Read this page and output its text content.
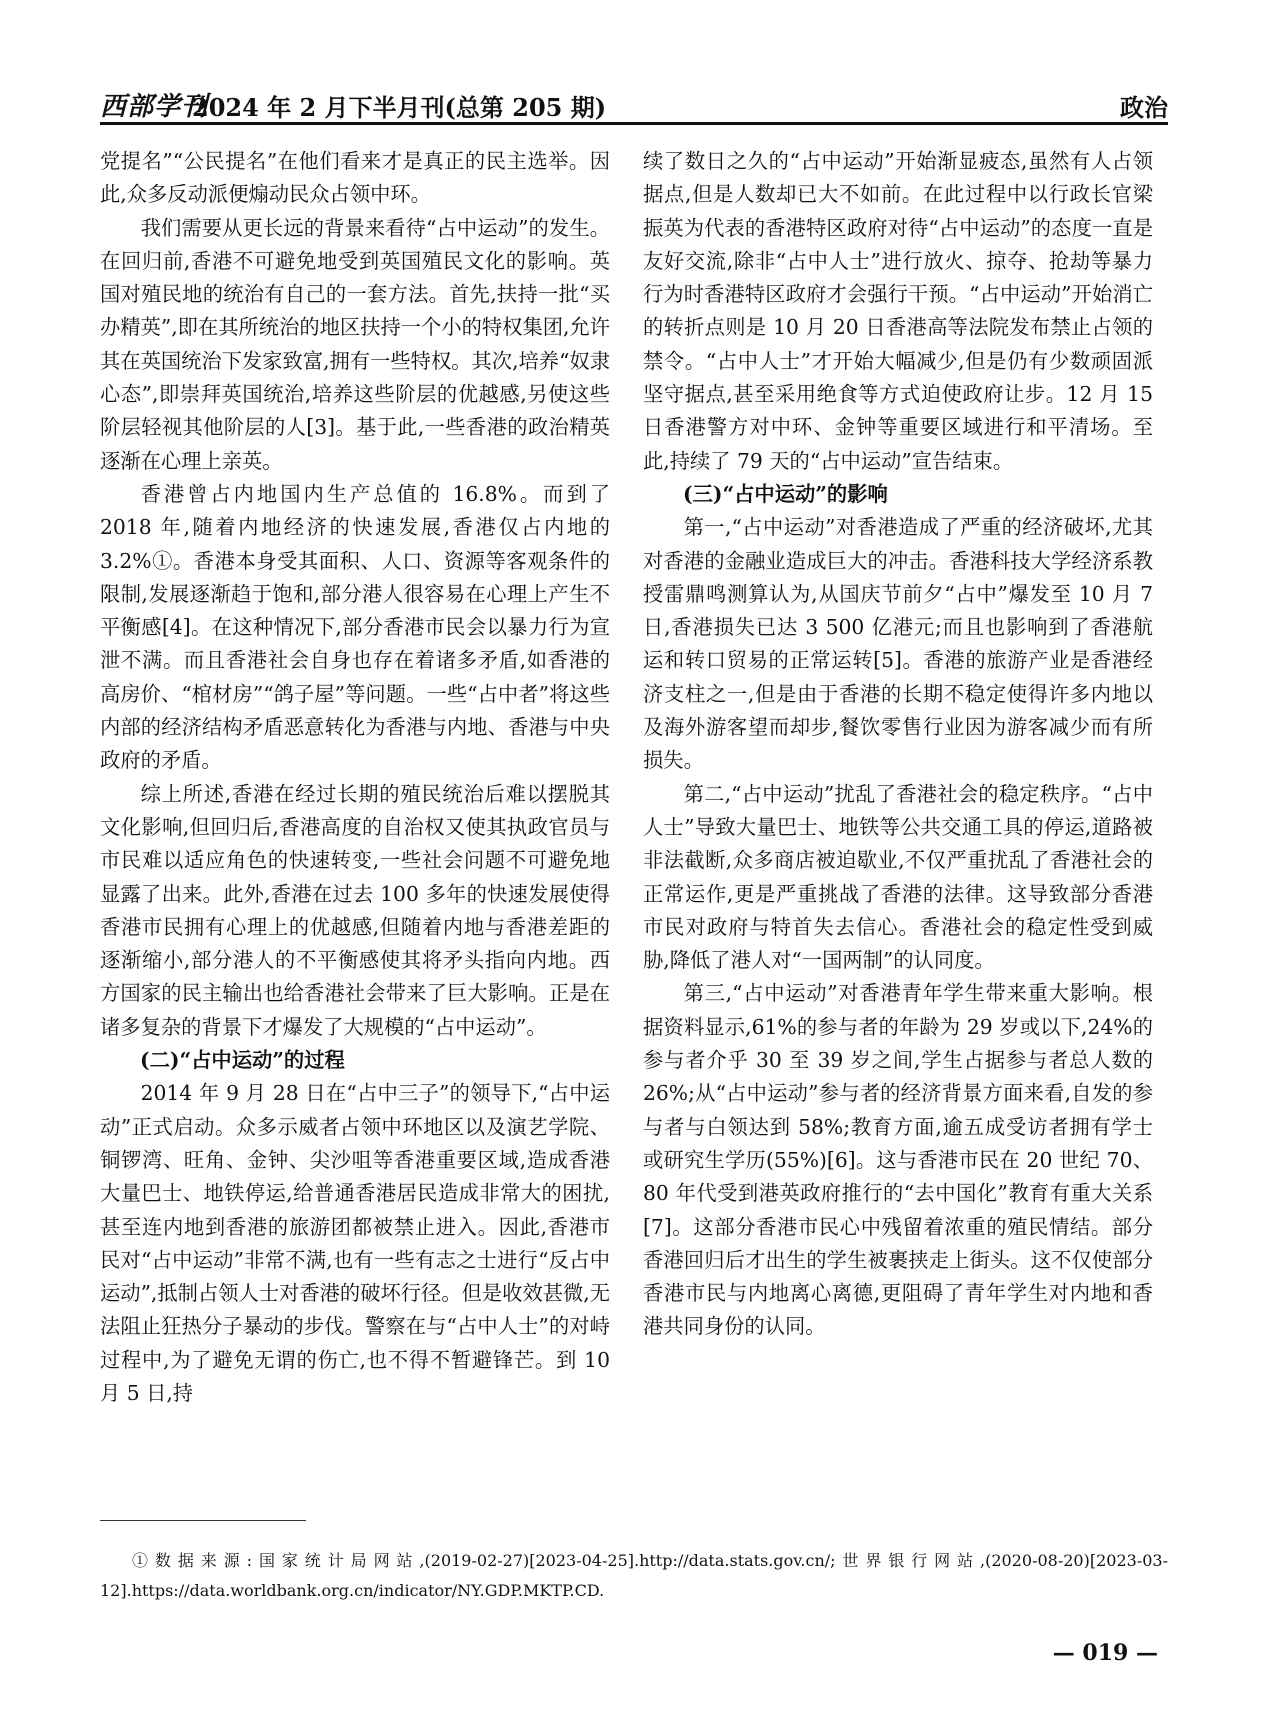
西部学刊
2024 年 2 月下半月刊(总第 205 期)	政治

党提名”“公民提名”在他们看来才是真正的民主选举。因此,众多反动派便煽动民众占领中环。

我们需要从更长远的背景来看待“占中运动”的发生。在回归前,香港不可避免地受到英国殖民文化的影响。英国对殖民地的统治有自己的一套方法。首先,扶持一批“买办精英”,即在其所统治的地区扶持一个小的特权集团,允许其在英国统治下发家致富,拥有一些特权。其次,培养“奴隶心态”,即崇拜英国统治,培养这些阶层的优越感,另使这些阶层轻视其他阶层的人[3]。基于此,一些香港的政治精英逐渐在心理上亲英。

香港曾占内地国内生产总值的 16.8%。而到了 2018 年,随着内地经济的快速发展,香港仅占内地的 3.2%①。香港本身受其面积、人口、资源等客观条件的限制,发展逐渐趋于饱和,部分港人很容易在心理上产生不平衡感[4]。在这种情况下,部分香港市民会以暴力行为宣泄不满。而且香港社会自身也存在着诸多矛盾,如香港的高房价、“棺材房”“鸽子屋”等问题。一些“占中者”将这些内部的经济结构矛盾恶意转化为香港与内地、香港与中央政府的矛盾。

综上所述,香港在经过长期的殖民统治后难以摆脱其文化影响,但回归后,香港高度的自治权又使其执政官员与市民难以适应角色的快速转变,一些社会问题不可避免地显露了出来。此外,香港在过去 100 多年的快速发展使得香港市民拥有心理上的优越感,但随着内地与香港差距的逐渐缩小,部分港人的不平衡感使其将矛头指向内地。西方国家的民主输出也给香港社会带来了巨大影响。正是在诸多复杂的背景下才爆发了大规模的“占中运动”。

(二)“占中运动”的过程

2014 年 9 月 28 日在“占中三子”的领导下,“占中运动”正式启动。众多示威者占领中环地区以及演艺学院、铜锣湾、旺角、金钟、尖沙咀等香港重要区域,造成香港大量巴士、地铁停运,给普通香港居民造成非常大的困扰,甚至连内地到香港的旅游团都被禁止进入。因此,香港市民对“占中运动”非常不满,也有一些有志之士进行“反占中运动”,抵制占领人士对香港的破坏行径。但是收效甚微,无法阻止狂热分子暴动的步伐。警察在与“占中人士”的对峙过程中,为了避免无谓的伤亡,也不得不暂避锋芒。到 10 月 5 日,持

续了数日之久的“占中运动”开始渐显疲态,虽然有人占领据点,但是人数却已大不如前。在此过程中以行政长官梁振英为代表的香港特区政府对待“占中运动”的态度一直是友好交流,除非“占中人士”进行放火、掠夺、抢劫等暴力行为时香港特区政府才会强行干预。“占中运动”开始消亡的转折点则是 10 月 20 日香港高等法院发布禁止占领的禁令。“占中人士”才开始大幅减少,但是仍有少数顽固派坚守据点,甚至采用绝食等方式迫使政府让步。12 月 15 日香港警方对中环、金钟等重要区域进行和平清场。至此,持续了 79 天的“占中运动”宣告结束。

(三)“占中运动”的影响

第一,“占中运动”对香港造成了严重的经济破坏,尤其对香港的金融业造成巨大的冲击。香港科技大学经济系教授雷鼎鸣测算认为,从国庆节前夕“占中”爆发至 10 月 7 日,香港损失已达 3 500 亿港元;而且也影响到了香港航运和转口贸易的正常运转[5]。香港的旅游产业是香港经济支柱之一,但是由于香港的长期不稳定使得许多内地以及海外游客望而却步,餐饮零售行业因为游客减少而有所损失。

第二,“占中运动”扰乱了香港社会的稳定秩序。“占中人士”导致大量巴士、地铁等公共交通工具的停运,道路被非法截断,众多商店被迫歇业,不仅严重扰乱了香港社会的正常运作,更是严重挑战了香港的法律。这导致部分香港市民对政府与特首失去信心。香港社会的稳定性受到威胁,降低了港人对“一国两制”的认同度。

第三,“占中运动”对香港青年学生带来重大影响。根据资料显示,61%的参与者的年龄为 29 岁或以下,24%的参与者介乎 30 至 39 岁之间,学生占据参与者总人数的 26%;从“占中运动”参与者的经济背景方面来看,自发的参与者与白领达到 58%;教育方面,逾五成受访者拥有学士或研究生学历(55%)[6]。这与香港市民在 20 世纪 70、80 年代受到港英政府推行的“去中国化”教育有重大关系[7]。这部分香港市民心中残留着浓重的殖民情结。部分香港回归后才出生的学生被裹挟走上街头。这不仅使部分香港市民与内地离心离德,更阻碍了青年学生对内地和香港共同身份的认同。

①数据来源:国家统计局网站,(2019-02-27)[2023-04-25].http://data.stats.gov.cn/;世界银行网站,(2020-08-20)[2023-03-12].https://data.worldbank.org.cn/indicator/NY.GDP.MKTP.CD.
— 019 —
